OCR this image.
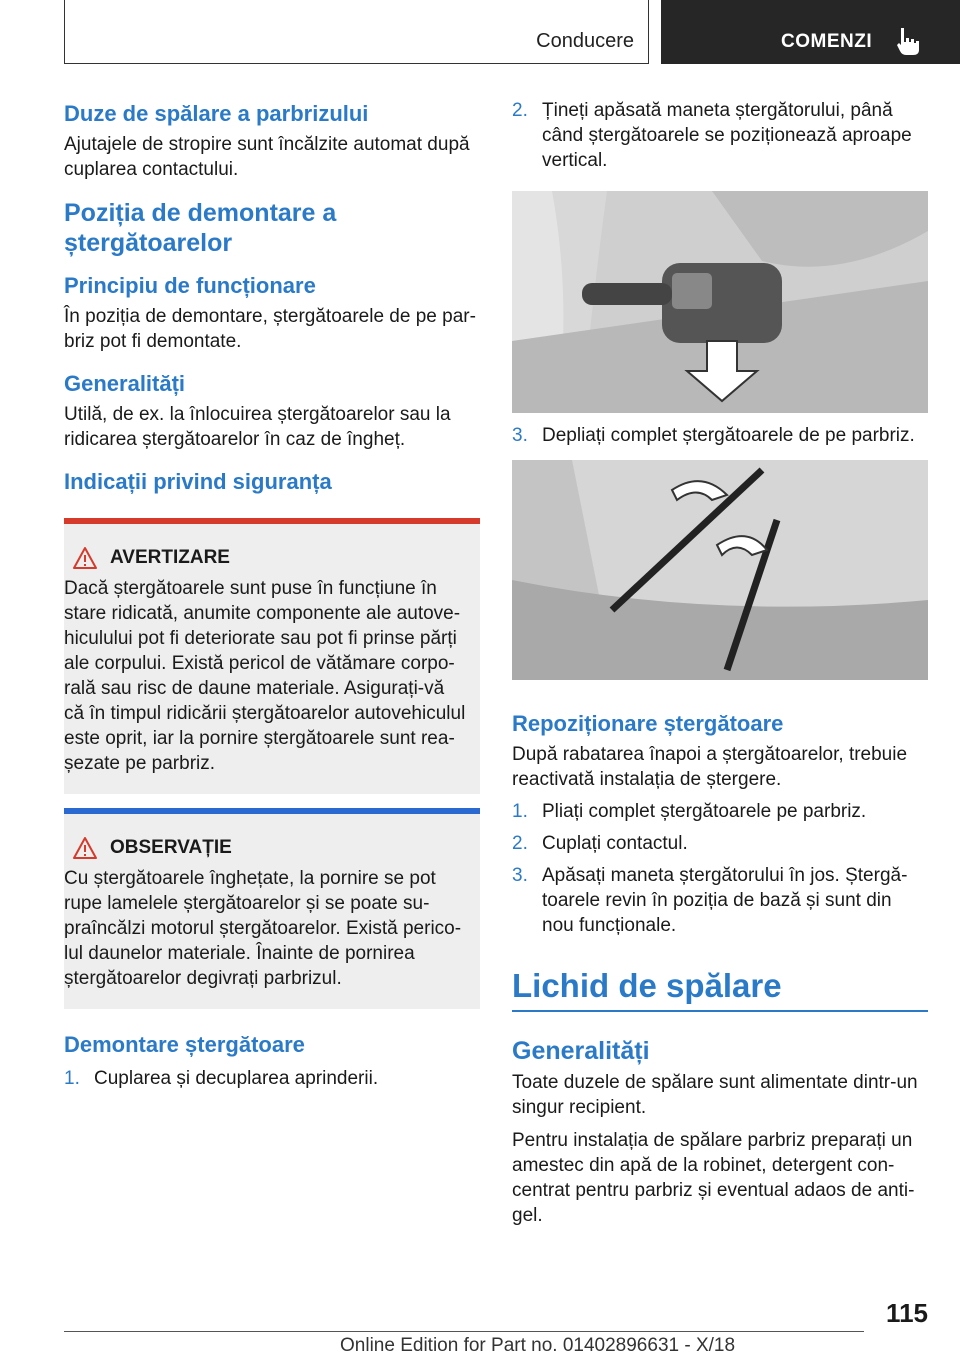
Conducere	COMENZI
Duze de spălare a parbrizului

Ajutajele de stropire sunt încălzite automat după cuplarea contactului.

Poziția de demontare a ștergătoarelor
Principiu de funcționare

În poziția de demontare, ștergătoarele de pe parbriz pot fi demontate.

Generalități

Utilă, de ex. la înlocuirea ștergătoarelor sau la ridicarea ștergătoarelor în caz de îngheț.

Indicații privind siguranța
AVERTIZARE

Dacă ștergătoarele sunt puse în funcțiune în stare ridicată, anumite componente ale autovehiculului pot fi deteriorate sau pot fi prinse părți ale corpului. Există pericol de vătămare corporală sau risc de daune materiale. Asigurați-vă că în timpul ridicării ștergătoarelor autovehiculul este oprit, iar la pornire ștergătoarele sunt reașezate pe parbriz.

OBSERVAȚIE

Cu ștergătoarele înghețate, la pornire se pot rupe lamelele ștergătoarelor și se poate supraîncălzi motorul ștergătoarelor. Există pericolul daunelor materiale. Înainte de pornirea ștergătoarelor degivrați parbrizul.

Demontare ștergătoare
1. Cuplarea și decuplarea aprinderii.
2. Țineți apăsată maneta ștergătorului, până când ștergătoarele se poziționează aproape vertical.
3. Depliați complet ștergătoarele de pe parbriz.
Repoziționare ștergătoare

După rabatarea înapoi a ștergătoarelor, trebuie reactivată instalația de ștergere.

1. Pliați complet ștergătoarele pe parbriz.
2. Cuplați contactul.
3. Apăsați maneta ștergătorului în jos. Ștergătoarele revin în poziția de bază și sunt din nou funcționale.
Lichid de spălare
Generalități

Toate duzele de spălare sunt alimentate dintr-un singur recipient.

Pentru instalația de spălare parbriz preparați un amestec din apă de la robinet, detergent concentrat pentru parbriz și eventual adaos de antigel.

115
Online Edition for Part no. 01402896631 - X/18
